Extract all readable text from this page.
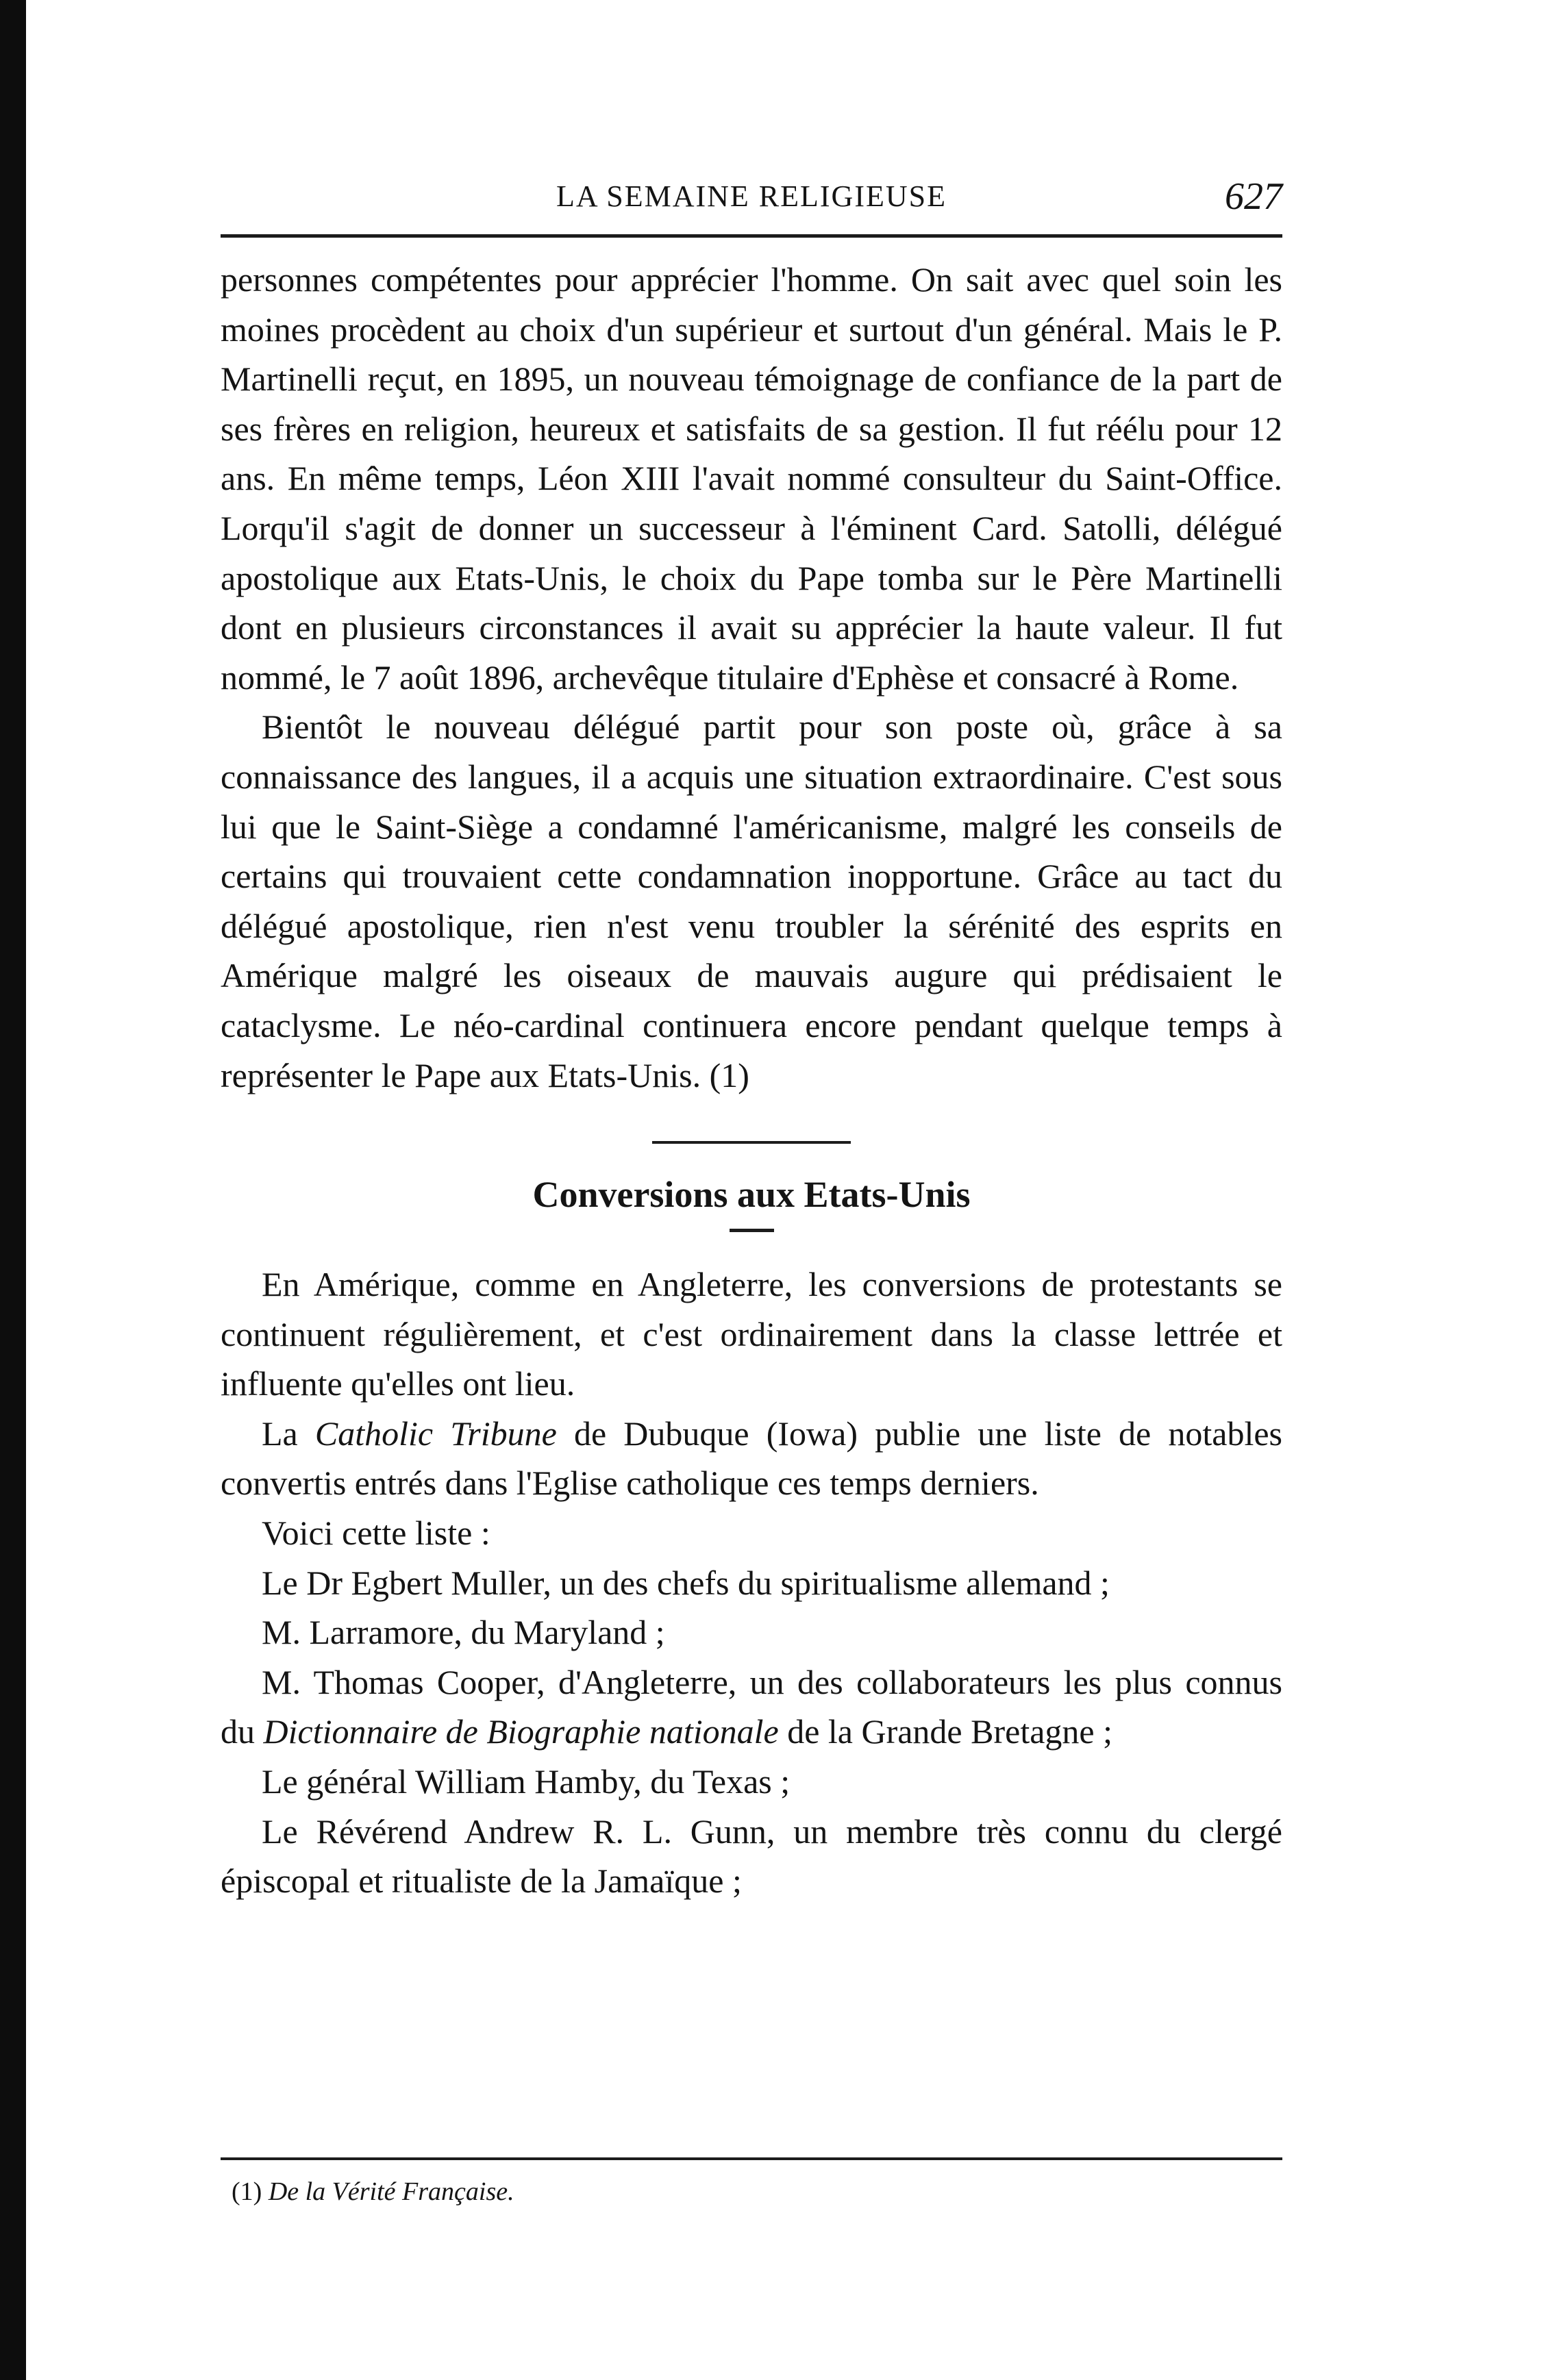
LA SEMAINE RELIGIEUSE	627

personnes compétentes pour apprécier l'homme. On sait avec quel soin les moines procèdent au choix d'un supérieur et surtout d'un général. Mais le P. Martinelli reçut, en 1895, un nouveau témoignage de confiance de la part de ses frères en religion, heureux et satisfaits de sa gestion. Il fut réélu pour 12 ans. En même temps, Léon XIII l'avait nommé consulteur du Saint-Office. Lorqu'il s'agit de donner un successeur à l'éminent Card. Satolli, délégué apostolique aux Etats-Unis, le choix du Pape tomba sur le Père Martinelli dont en plusieurs circonstances il avait su apprécier la haute valeur. Il fut nommé, le 7 août 1896, archevêque titulaire d'Ephèse et consacré à Rome.

Bientôt le nouveau délégué partit pour son poste où, grâce à sa connaissance des langues, il a acquis une situation extraordinaire. C'est sous lui que le Saint-Siège a condamné l'américanisme, malgré les conseils de certains qui trouvaient cette condamnation inopportune. Grâce au tact du délégué apostolique, rien n'est venu troubler la sérénité des esprits en Amérique malgré les oiseaux de mauvais augure qui prédisaient le cataclysme. Le néo-cardinal continuera encore pendant quelque temps à représenter le Pape aux Etats-Unis. (1)

Conversions aux Etats-Unis

En Amérique, comme en Angleterre, les conversions de protestants se continuent régulièrement, et c'est ordinairement dans la classe lettrée et influente qu'elles ont lieu.

La Catholic Tribune de Dubuque (Iowa) publie une liste de notables convertis entrés dans l'Eglise catholique ces temps derniers.

Voici cette liste :

Le Dr Egbert Muller, un des chefs du spiritualisme allemand ;

M. Larramore, du Maryland ;

M. Thomas Cooper, d'Angleterre, un des collaborateurs les plus connus du Dictionnaire de Biographie nationale de la Grande Bretagne ;

Le général William Hamby, du Texas ;

Le Révérend Andrew R. L. Gunn, un membre très connu du clergé épiscopal et ritualiste de la Jamaïque ;

(1) De la Vérité Française.
